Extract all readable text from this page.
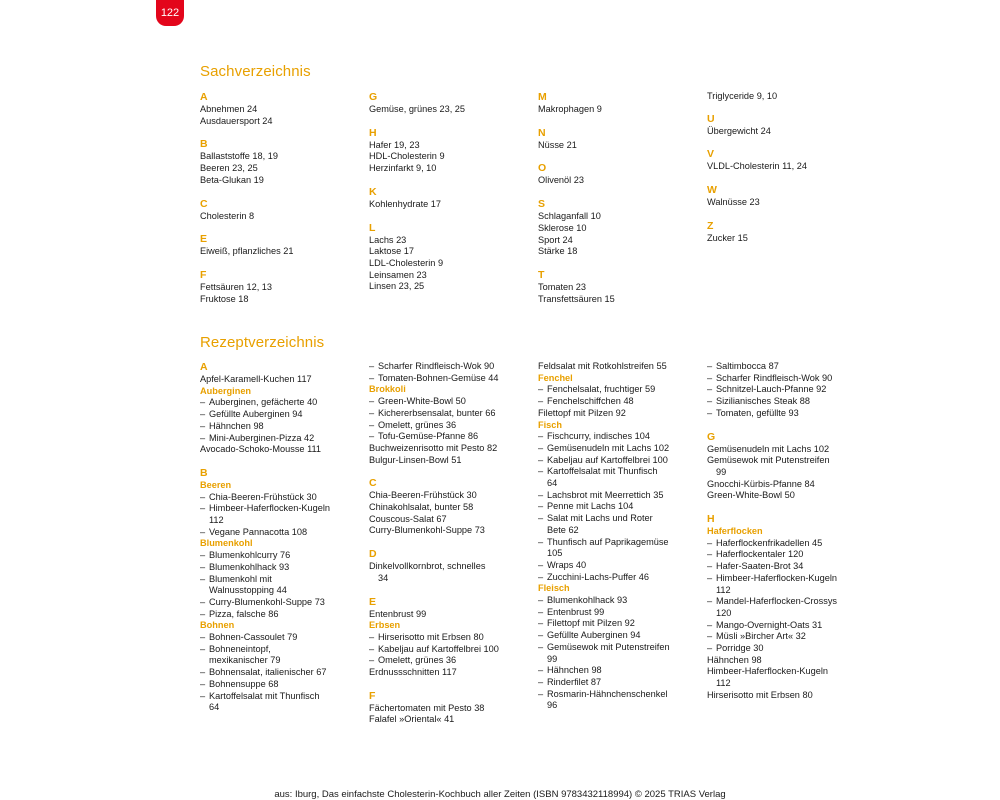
122
Sachverzeichnis
A
Abnehmen 24
Ausdauersport 24
B
Ballaststoffe 18, 19
Beeren 23, 25
Beta-Glukan 19
C
Cholesterin 8
E
Eiweiß, pflanzliches 21
F
Fettsäuren 12, 13
Fruktose 18
G
Gemüse, grünes 23, 25
H
Hafer 19, 23
HDL-Cholesterin 9
Herzinfarkt 9, 10
K
Kohlenhydrate 17
L
Lachs 23
Laktose 17
LDL-Cholesterin 9
Leinsamen 23
Linsen 23, 25
M
Makrophagen 9
N
Nüsse 21
O
Olivenöl 23
S
Schlaganfall 10
Sklerose 10
Sport 24
Stärke 18
T
Tomaten 23
Transfettsäuren 15
Triglyceride 9, 10
U
Übergewicht 24
V
VLDL-Cholesterin 11, 24
W
Walnüsse 23
Z
Zucker 15
Rezeptverzeichnis
A
Apfel-Karamell-Kuchen 117
Auberginen
– Auberginen, gefächerte 40
– Gefüllte Auberginen 94
– Hähnchen 98
– Mini-Auberginen-Pizza 42
Avocado-Schoko-Mousse 111
B
Beeren
– Chia-Beeren-Frühstück 30
– Himbeer-Haferflocken-Kugeln
112
– Vegane Pannacotta 108
Blumenkohl
– Blumenkohlcurry 76
– Blumenkohlhack 93
– Blumenkohl mit
Walnusstopping 44
– Curry-Blumenkohl-Suppe 73
– Pizza, falsche 86
Bohnen
– Bohnen-Cassoulet 79
– Bohneneintopf,
mexikanischer 79
– Bohnensalat, italienischer 67
– Bohnensuppe 68
– Kartoffelsalat mit Thunfisch
64
– Scharfer Rindfleisch-Wok 90
– Tomaten-Bohnen-Gemüse 44
Brokkoli
– Green-White-Bowl 50
– Kichererbsensalat, bunter 66
– Omelett, grünes 36
– Tofu-Gemüse-Pfanne 86
Buchweizenrisotto mit Pesto 82
Bulgur-Linsen-Bowl 51
C
Chia-Beeren-Frühstück 30
Chinakohlsalat, bunter 58
Couscous-Salat 67
Curry-Blumenkohl-Suppe 73
D
Dinkelvollkornbrot, schnelles
34
E
Entenbrust 99
Erbsen
– Hirserisotto mit Erbsen 80
– Kabeljau auf Kartoffelbrei 100
– Omelett, grünes 36
Erdnussschnitten 117
F
Fächertomaten mit Pesto 38
Falafel »Oriental« 41
Feldsalat mit Rotkohlstreifen 55
Fenchel
– Fenchelsalat, fruchtiger 59
– Fenchelschiffchen 48
Filettopf mit Pilzen 92
Fisch
– Fischcurry, indisches 104
– Gemüsenudeln mit Lachs 102
– Kabeljau auf Kartoffelbrei 100
– Kartoffelsalat mit Thunfisch
64
– Lachsbrot mit Meerrettich 35
– Penne mit Lachs 104
– Salat mit Lachs und Roter
Bete 62
– Thunfisch auf Paprikagemüse
105
– Wraps 40
– Zucchini-Lachs-Puffer 46
Fleisch
– Blumenkohlhack 93
– Entenbrust 99
– Filettopf mit Pilzen 92
– Gefüllte Auberginen 94
– Gemüsewok mit Putenstreifen
99
– Hähnchen 98
– Rinderfilet 87
– Rosmarin-Hähnchenschenkel
96
– Saltimbocca 87
– Scharfer Rindfleisch-Wok 90
– Schnitzel-Lauch-Pfanne 92
– Sizilianisches Steak 88
– Tomaten, gefüllte 93
G
Gemüsenudeln mit Lachs 102
Gemüsewok mit Putenstreifen
99
Gnocchi-Kürbis-Pfanne 84
Green-White-Bowl 50
H
Haferflocken
– Haferflockenfrikadellen 45
– Haferflockentaler 120
– Hafer-Saaten-Brot 34
– Himbeer-Haferflocken-Kugeln
112
– Mandel-Haferflocken-Crossys
120
– Mango-Overnight-Oats 31
– Müsli »Bircher Art« 32
– Porridge 30
Hähnchen 98
Himbeer-Haferflocken-Kugeln
112
Hirserisotto mit Erbsen 80
aus: Iburg, Das einfachste Cholesterin-Kochbuch aller Zeiten (ISBN 9783432118994) © 2025 TRIAS Verlag
